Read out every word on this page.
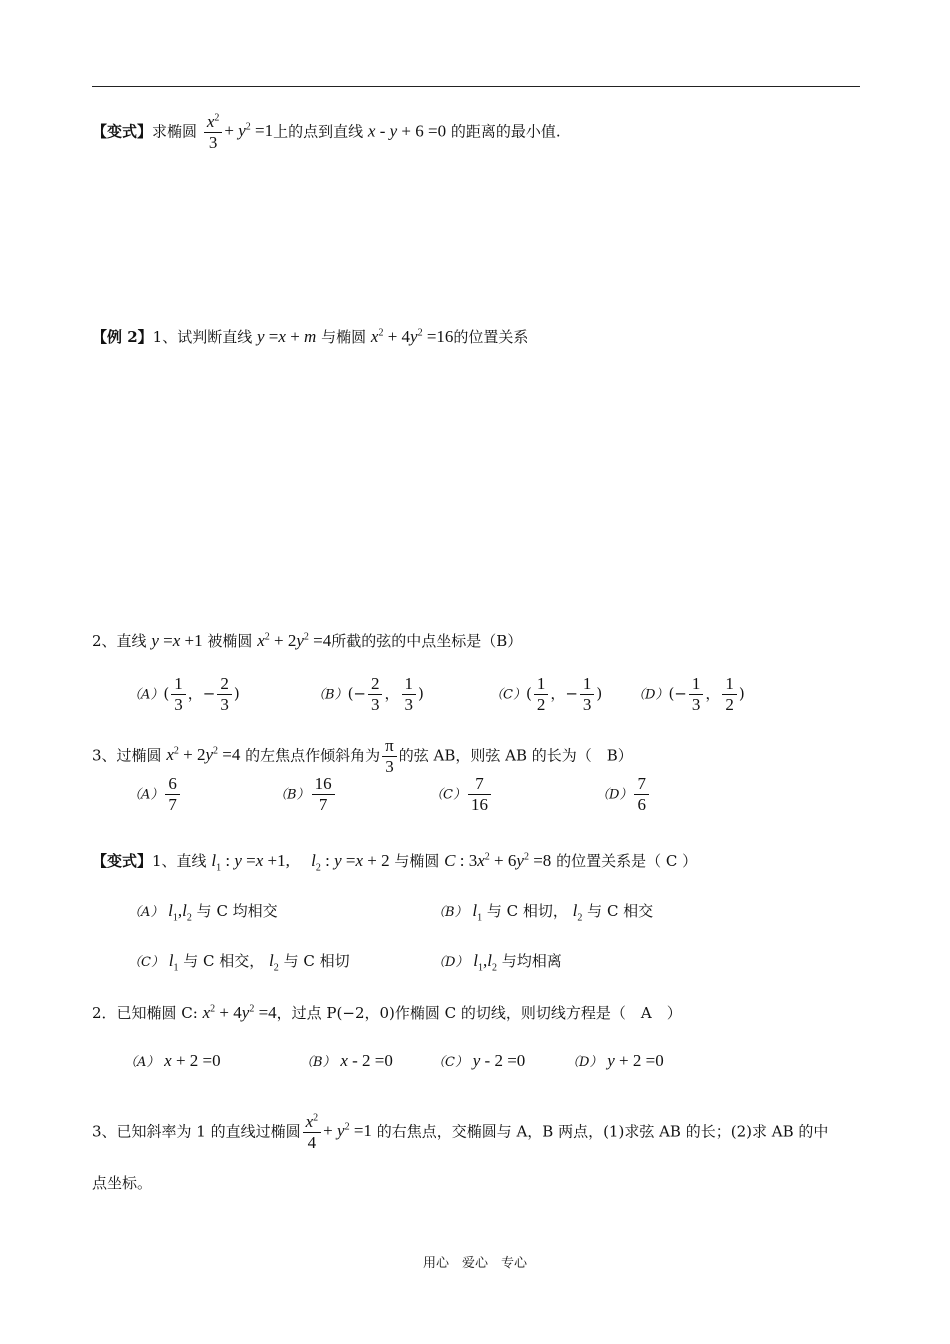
【变式】求椭圆 $\frac{x^2}{3} + y^2 =1$上的点到直线 x - y + 6 =0 的距离的最小值.
【例 2】1、试判断直线 y =x + m 与椭圆 $x^2 + 4y^2 =16$的位置关系
2、直线 y =x +1 被椭圆 $x^2 + 2y^2 =4$所截的弦的中点坐标是（B）
$(A)( \frac{1}{3}$ ，− $\frac{2}{3}$ )	$(B)(- \frac{2}{3}$ ， $\frac{1}{3}$ )	$(C)( \frac{1}{2}$ ，− $\frac{1}{3}$ ) $(D)(- \frac{1}{3}$ ， $\frac{1}{2}$ )
3、过椭圆 $x^2 + 2y^2 =4$ 的左焦点作倾斜角为 $\frac{\pi}{3}$ 的弦 AB，则弦 AB 的长为（　B）
$(A) \frac{6}{7}$	$(B) \frac{16}{7}$	$(C) \frac{7}{16}$	$(D) \frac{7}{6}$
【变式】1、直线 $l_1$ : y =x +1,　 $l_2$ : y =x + 2 与椭圆 C : $3x^2 + 6y^2 =8$ 的位置关系是（ C ）
（A） $l_1,l_2$ 与 C 均相交	（B） $l_1$ 与 C 相切， $l_2$ 与 C 相交
（C） $l_1$ 与 C 相交， $l_2$ 与 C 相切	（D） $l_1,l_2$ 与均相离
2．已知椭圆 C: $x^2 + 4y^2 =4$，过点 P(−2，0)作椭圆 C 的切线，则切线方程是（　A　）
（A） x + 2 =0	（B） x - 2 =0	（C） y - 2 =0	（D） y + 2 =0
3、已知斜率为 1 的直线过椭圆 $\frac{x^2}{4} + y^2 =1$ 的右焦点，交椭圆与 A，B 两点，(1)求弦 AB 的长；(2)求 AB 的中
点坐标。
用心　爱心　专心
